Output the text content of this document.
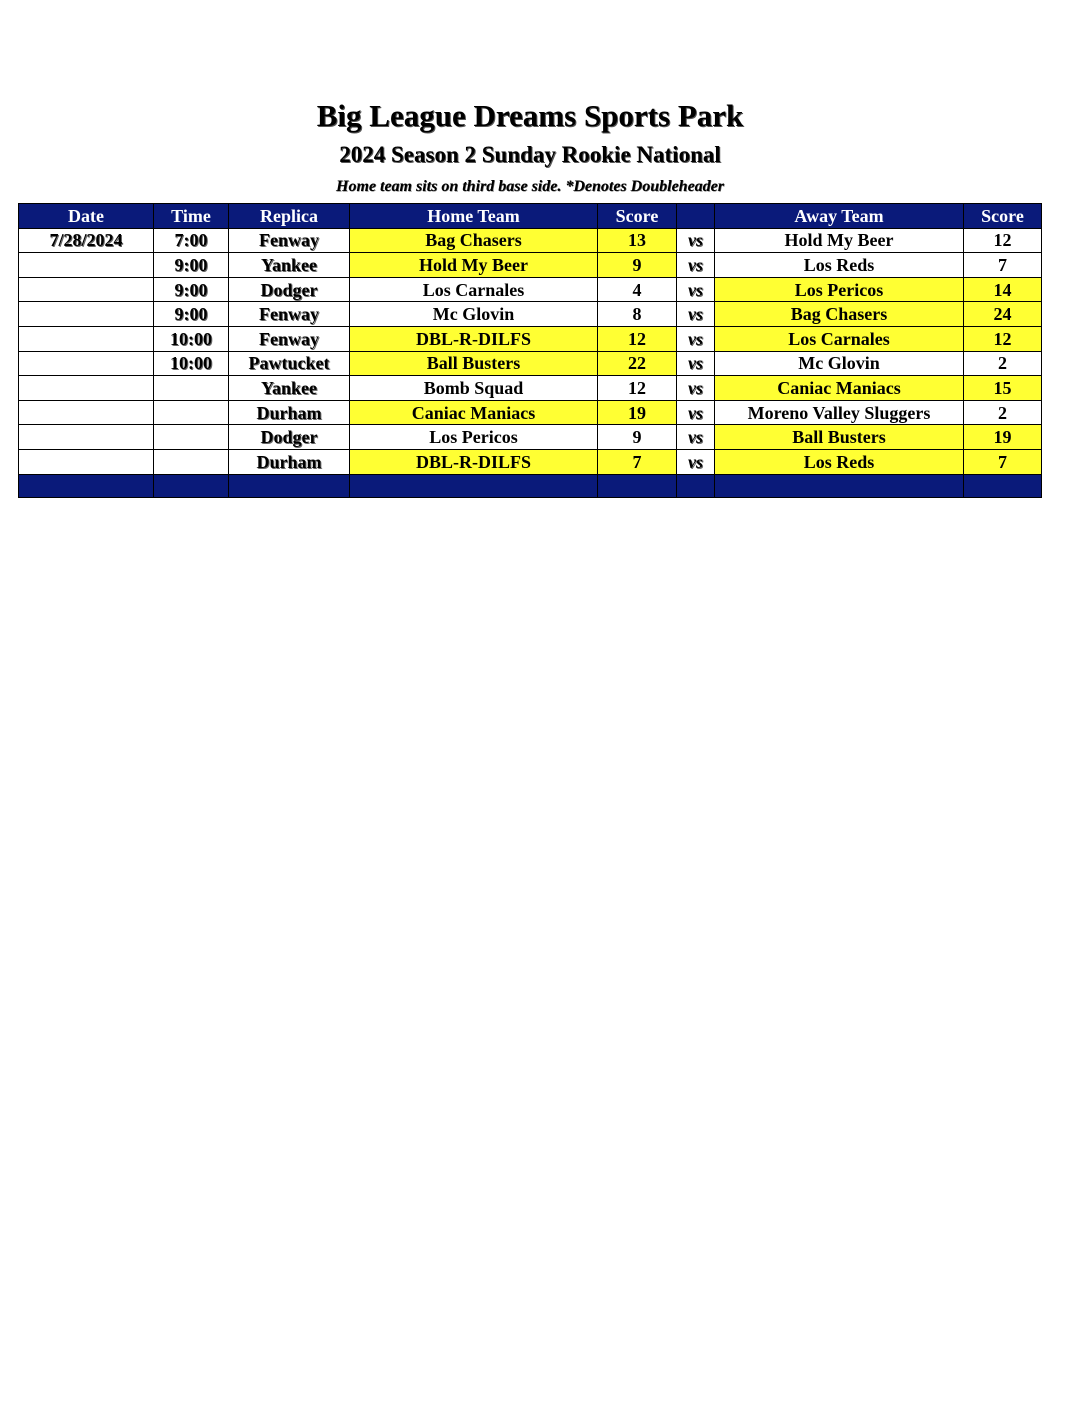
Big League Dreams Sports Park
2024 Season 2 Sunday Rookie National
Home team sits on third base side. *Denotes Doubleheader
Date	Time	Replica	Home Team	Score		Away Team	Score
7/28/2024	7:00	Fenway	Bag Chasers	13	vs	Hold My Beer	12
	9:00	Yankee	Hold My Beer	9	vs	Los Reds	7
	9:00	Dodger	Los Carnales	4	vs	Los Pericos	14
	9:00	Fenway	Mc Glovin	8	vs	Bag Chasers	24
	10:00	Fenway	DBL-R-DILFS	12	vs	Los Carnales	12
	10:00	Pawtucket	Ball Busters	22	vs	Mc Glovin	2
		Yankee	Bomb Squad	12	vs	Caniac Maniacs	15
		Durham	Caniac Maniacs	19	vs	Moreno Valley Sluggers	2
		Dodger	Los Pericos	9	vs	Ball Busters	19
		Durham	DBL-R-DILFS	7	vs	Los Reds	7
